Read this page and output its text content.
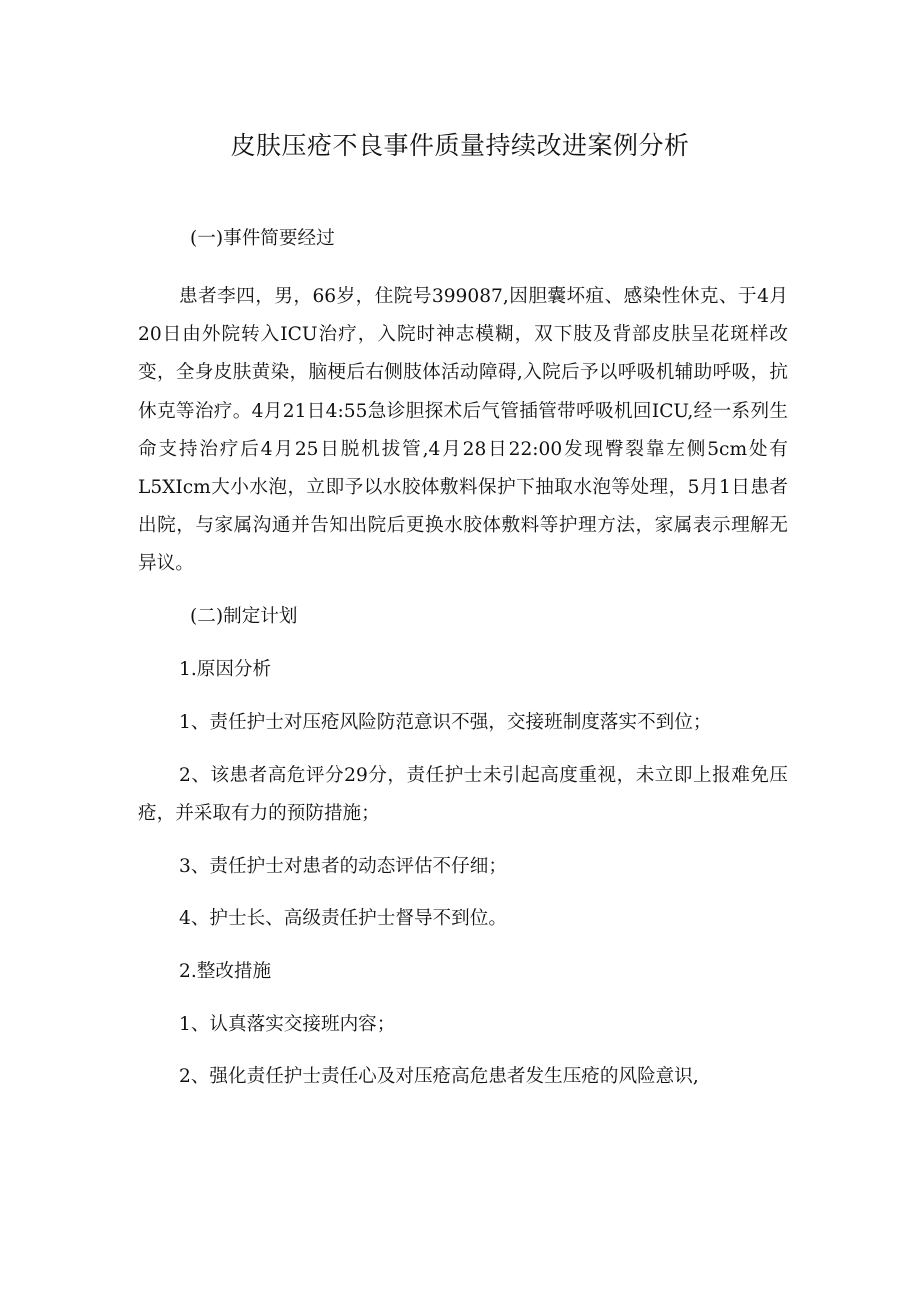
皮肤压疮不良事件质量持续改进案例分析

(一)事件简要经过

患者李四，男，66岁，住院号399087,因胆囊坏疽、感染性休克、于4月20日由外院转入ICU治疗，入院时神志模糊，双下肢及背部皮肤呈花斑样改变，全身皮肤黄染，脑梗后右侧肢体活动障碍,入院后予以呼吸机辅助呼吸，抗休克等治疗。4月21日4:55急诊胆探术后气管插管带呼吸机回ICU,经一系列生命支持治疗后4月25日脱机拔管,4月28日22:00发现臀裂靠左侧5cm处有L5XIcm大小水泡，立即予以水胶体敷料保护下抽取水泡等处理，5月1日患者出院，与家属沟通并告知出院后更换水胶体敷料等护理方法，家属表示理解无异议。

(二)制定计划

1.原因分析

1、责任护士对压疮风险防范意识不强，交接班制度落实不到位；

2、该患者高危评分29分，责任护士未引起高度重视，未立即上报难免压疮，并采取有力的预防措施；

3、责任护士对患者的动态评估不仔细；

4、护士长、高级责任护士督导不到位。

2.整改措施

1、认真落实交接班内容；

2、强化责任护士责任心及对压疮高危患者发生压疮的风险意识,
